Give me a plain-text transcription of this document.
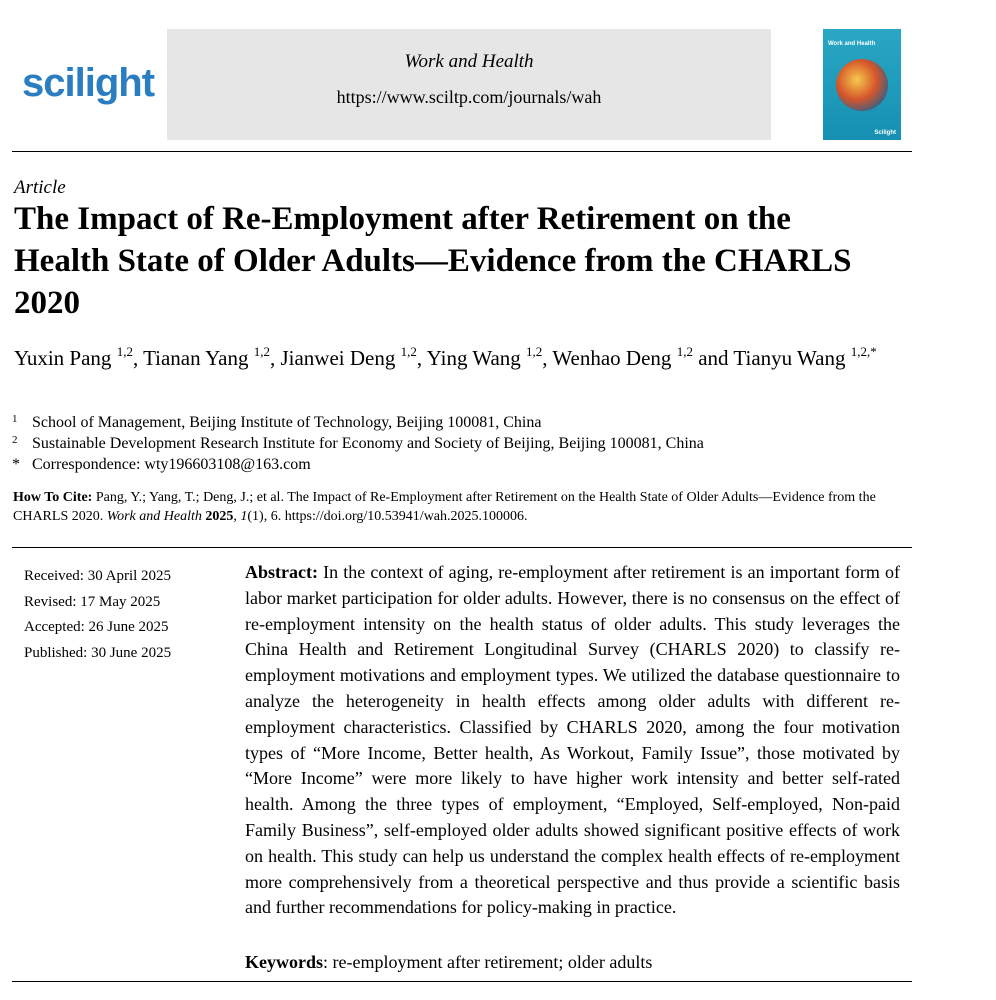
scilight	Work and Health
https://www.sciltp.com/journals/wah
Work and Health
Scilight
Article
The Impact of Re-Employment after Retirement on the Health State of Older Adults—Evidence from the CHARLS 2020
Yuxin Pang $^{1,2}$, Tianan Yang $^{1,2}$, Jianwei Deng $^{1,2}$, Ying Wang $^{1,2}$, Wenhao Deng $^{1,2}$ and Tianyu Wang $^{1,2,*}$
1 School of Management, Beijing Institute of Technology, Beijing 100081, China
2 Sustainable Development Research Institute for Economy and Society of Beijing, Beijing 100081, China
* Correspondence: wty196603108@163.com
How To Cite: Pang, Y.; Yang, T.; Deng, J.; et al. The Impact of Re-Employment after Retirement on the Health State of Older Adults—Evidence from the CHARLS 2020. Work and Health 2025, 1(1), 6. https://doi.org/10.53941/wah.2025.100006.
Received: 30 April 2025
Revised: 17 May 2025
Accepted: 26 June 2025
Published: 30 June 2025
Abstract: In the context of aging, re-employment after retirement is an important form of labor market participation for older adults. However, there is no consensus on the effect of re-employment intensity on the health status of older adults. This study leverages the China Health and Retirement Longitudinal Survey (CHARLS 2020) to classify re-employment motivations and employment types. We utilized the database questionnaire to analyze the heterogeneity in health effects among older adults with different re-employment characteristics. Classified by CHARLS 2020, among the four motivation types of “More Income, Better health, As Workout, Family Issue”, those motivated by “More Income” were more likely to have higher work intensity and better self-rated health. Among the three types of employment, “Employed, Self-employed, Non-paid Family Business”, self-employed older adults showed significant positive effects of work on health. This study can help us understand the complex health effects of re-employment more comprehensively from a theoretical perspective and thus provide a scientific basis and further recommendations for policy-making in practice.
Keywords: re-employment after retirement; older adults
